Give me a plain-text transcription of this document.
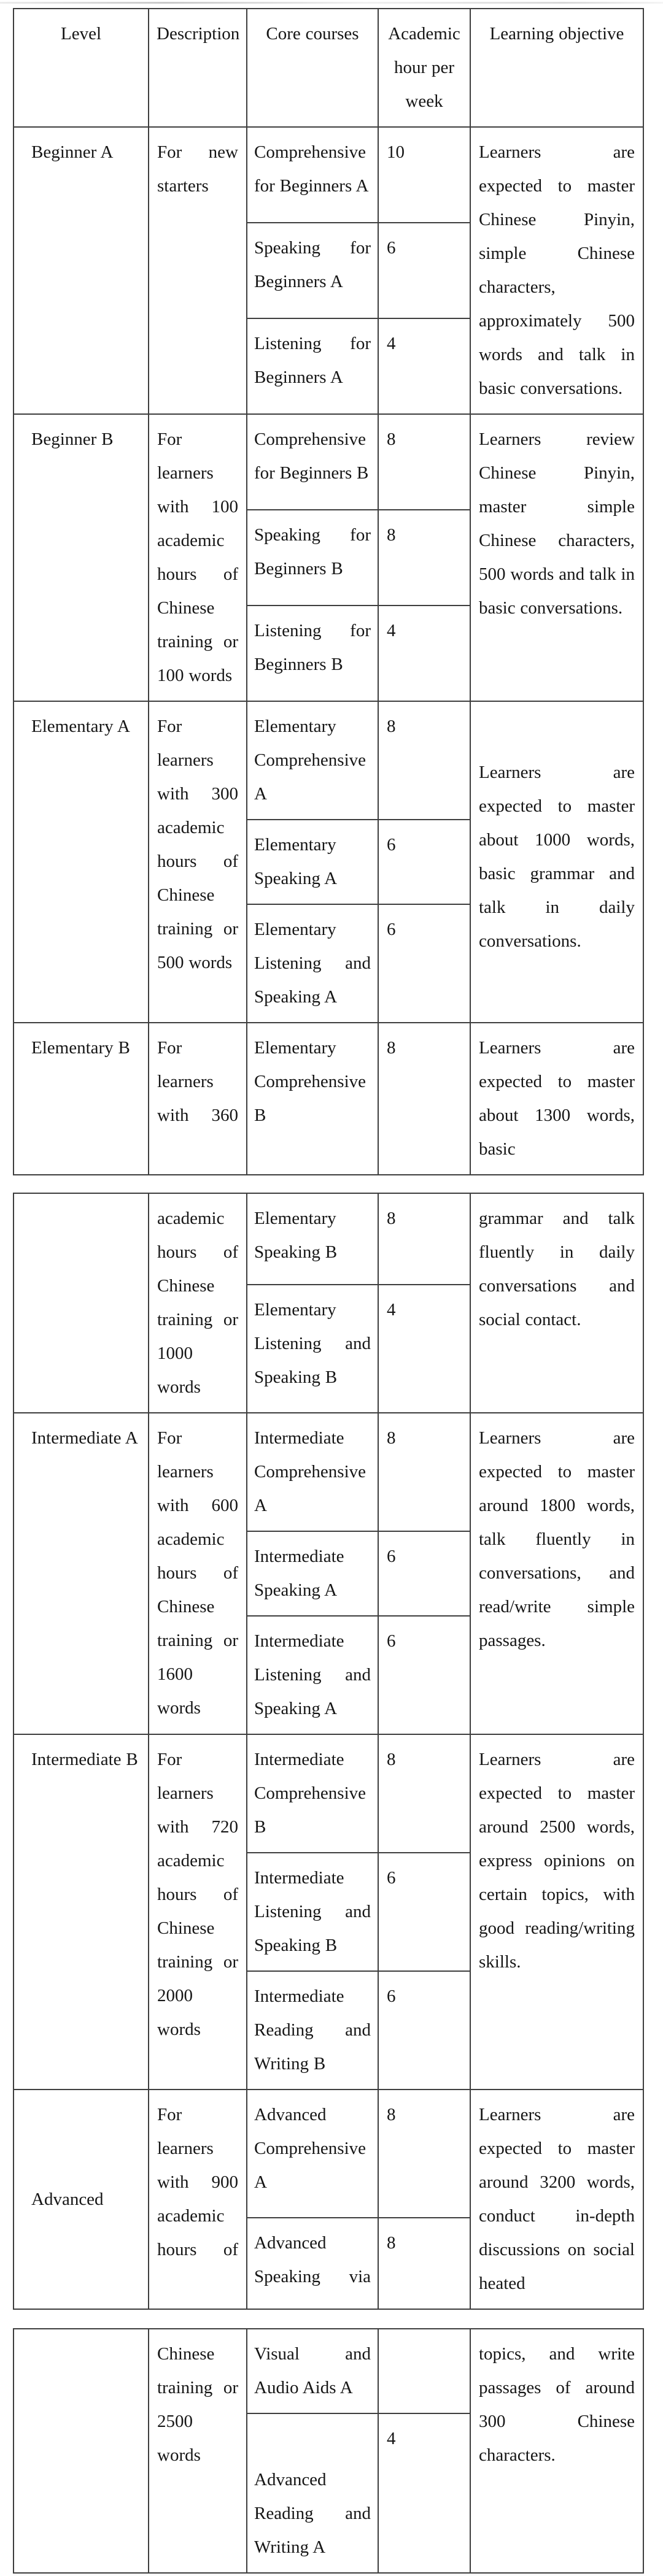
Level	Description	Core courses	Academic hour per week	Learning objective
Beginner A	For new starters	Comprehensive for Beginners A	10	Learners are expected to master Chinese Pinyin, simple Chinese characters, approximately 500 words and talk in basic conversations.
		Speaking for Beginners A	6	
		Listening for Beginners A	4	
Beginner B	For learners with 100 academic hours of Chinese training or 100 words	Comprehensive for Beginners B	8	Learners review Chinese Pinyin, master simple Chinese characters, 500 words and talk in basic conversations.
		Speaking for Beginners B	8	
		Listening for Beginners B	4	
Elementary A	For learners with 300 academic hours of Chinese training or 500 words	Elementary Comprehensive A	8	Learners are expected to master about 1000 words, basic grammar and talk in daily conversations.
		Elementary Speaking A	6	
		Elementary Listening and Speaking A	6	
Elementary B	For learners with 360	Elementary Comprehensive B	8	Learners are expected to master about 1300 words, basic
	academic hours of Chinese training or 1000 words	Elementary Speaking B	8	grammar and talk fluently in daily conversations and social contact.
		Elementary Listening and Speaking B	4	
Intermediate A	For learners with 600 academic hours of Chinese training or 1600 words	Intermediate Comprehensive A	8	Learners are expected to master around 1800 words, talk fluently in conversations, and read/write simple passages.
		Intermediate Speaking A	6	
		Intermediate Listening and Speaking A	6	
Intermediate B	For learners with 720 academic hours of Chinese training or 2000 words	Intermediate Comprehensive B	8	Learners are expected to master around 2500 words, express opinions on certain topics, with good reading/writing skills.
		Intermediate Listening and Speaking B	6	
		Intermediate Reading and Writing B	6	
Advanced	For learners with 900 academic hours of	Advanced Comprehensive A	8	Learners are expected to master around 3200 words, conduct in-depth discussions on social heated
		Advanced Speaking via	8	
	Chinese training or 2500 words	Visual and Audio Aids A		topics, and write passages of around 300 Chinese characters.
		Advanced Reading and Writing A	4	
